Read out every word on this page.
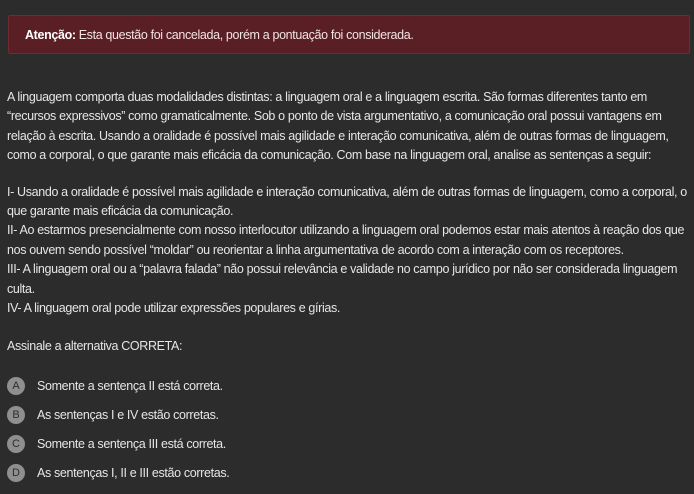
Atenção: Esta questão foi cancelada, porém a pontuação foi considerada.

A linguagem comporta duas modalidades distintas: a linguagem oral e a linguagem escrita. São formas diferentes tanto em “recursos expressivos” como gramaticalmente. Sob o ponto de vista argumentativo, a comunicação oral possui vantagens em relação à escrita. Usando a oralidade é possível mais agilidade e interação comunicativa, além de outras formas de linguagem, como a corporal, o que garante mais eficácia da comunicação. Com base na linguagem oral, analise as sentenças a seguir:

I- Usando a oralidade é possível mais agilidade e interação comunicativa, além de outras formas de linguagem, como a corporal, o que garante mais eficácia da comunicação.
II- Ao estarmos presencialmente com nosso interlocutor utilizando a linguagem oral podemos estar mais atentos à reação dos que nos ouvem sendo possível “moldar” ou reorientar a linha argumentativa de acordo com a interação com os receptores.
III- A linguagem oral ou a “palavra falada” não possui relevância e validade no campo jurídico por não ser considerada linguagem culta.
IV- A linguagem oral pode utilizar expressões populares e gírias.

Assinale a alternativa CORRETA:

A	Somente a sentença II está correta.
B	As sentenças I e IV estão corretas.
C	Somente a sentença III está correta.
D	As sentenças I, II e III estão corretas.
